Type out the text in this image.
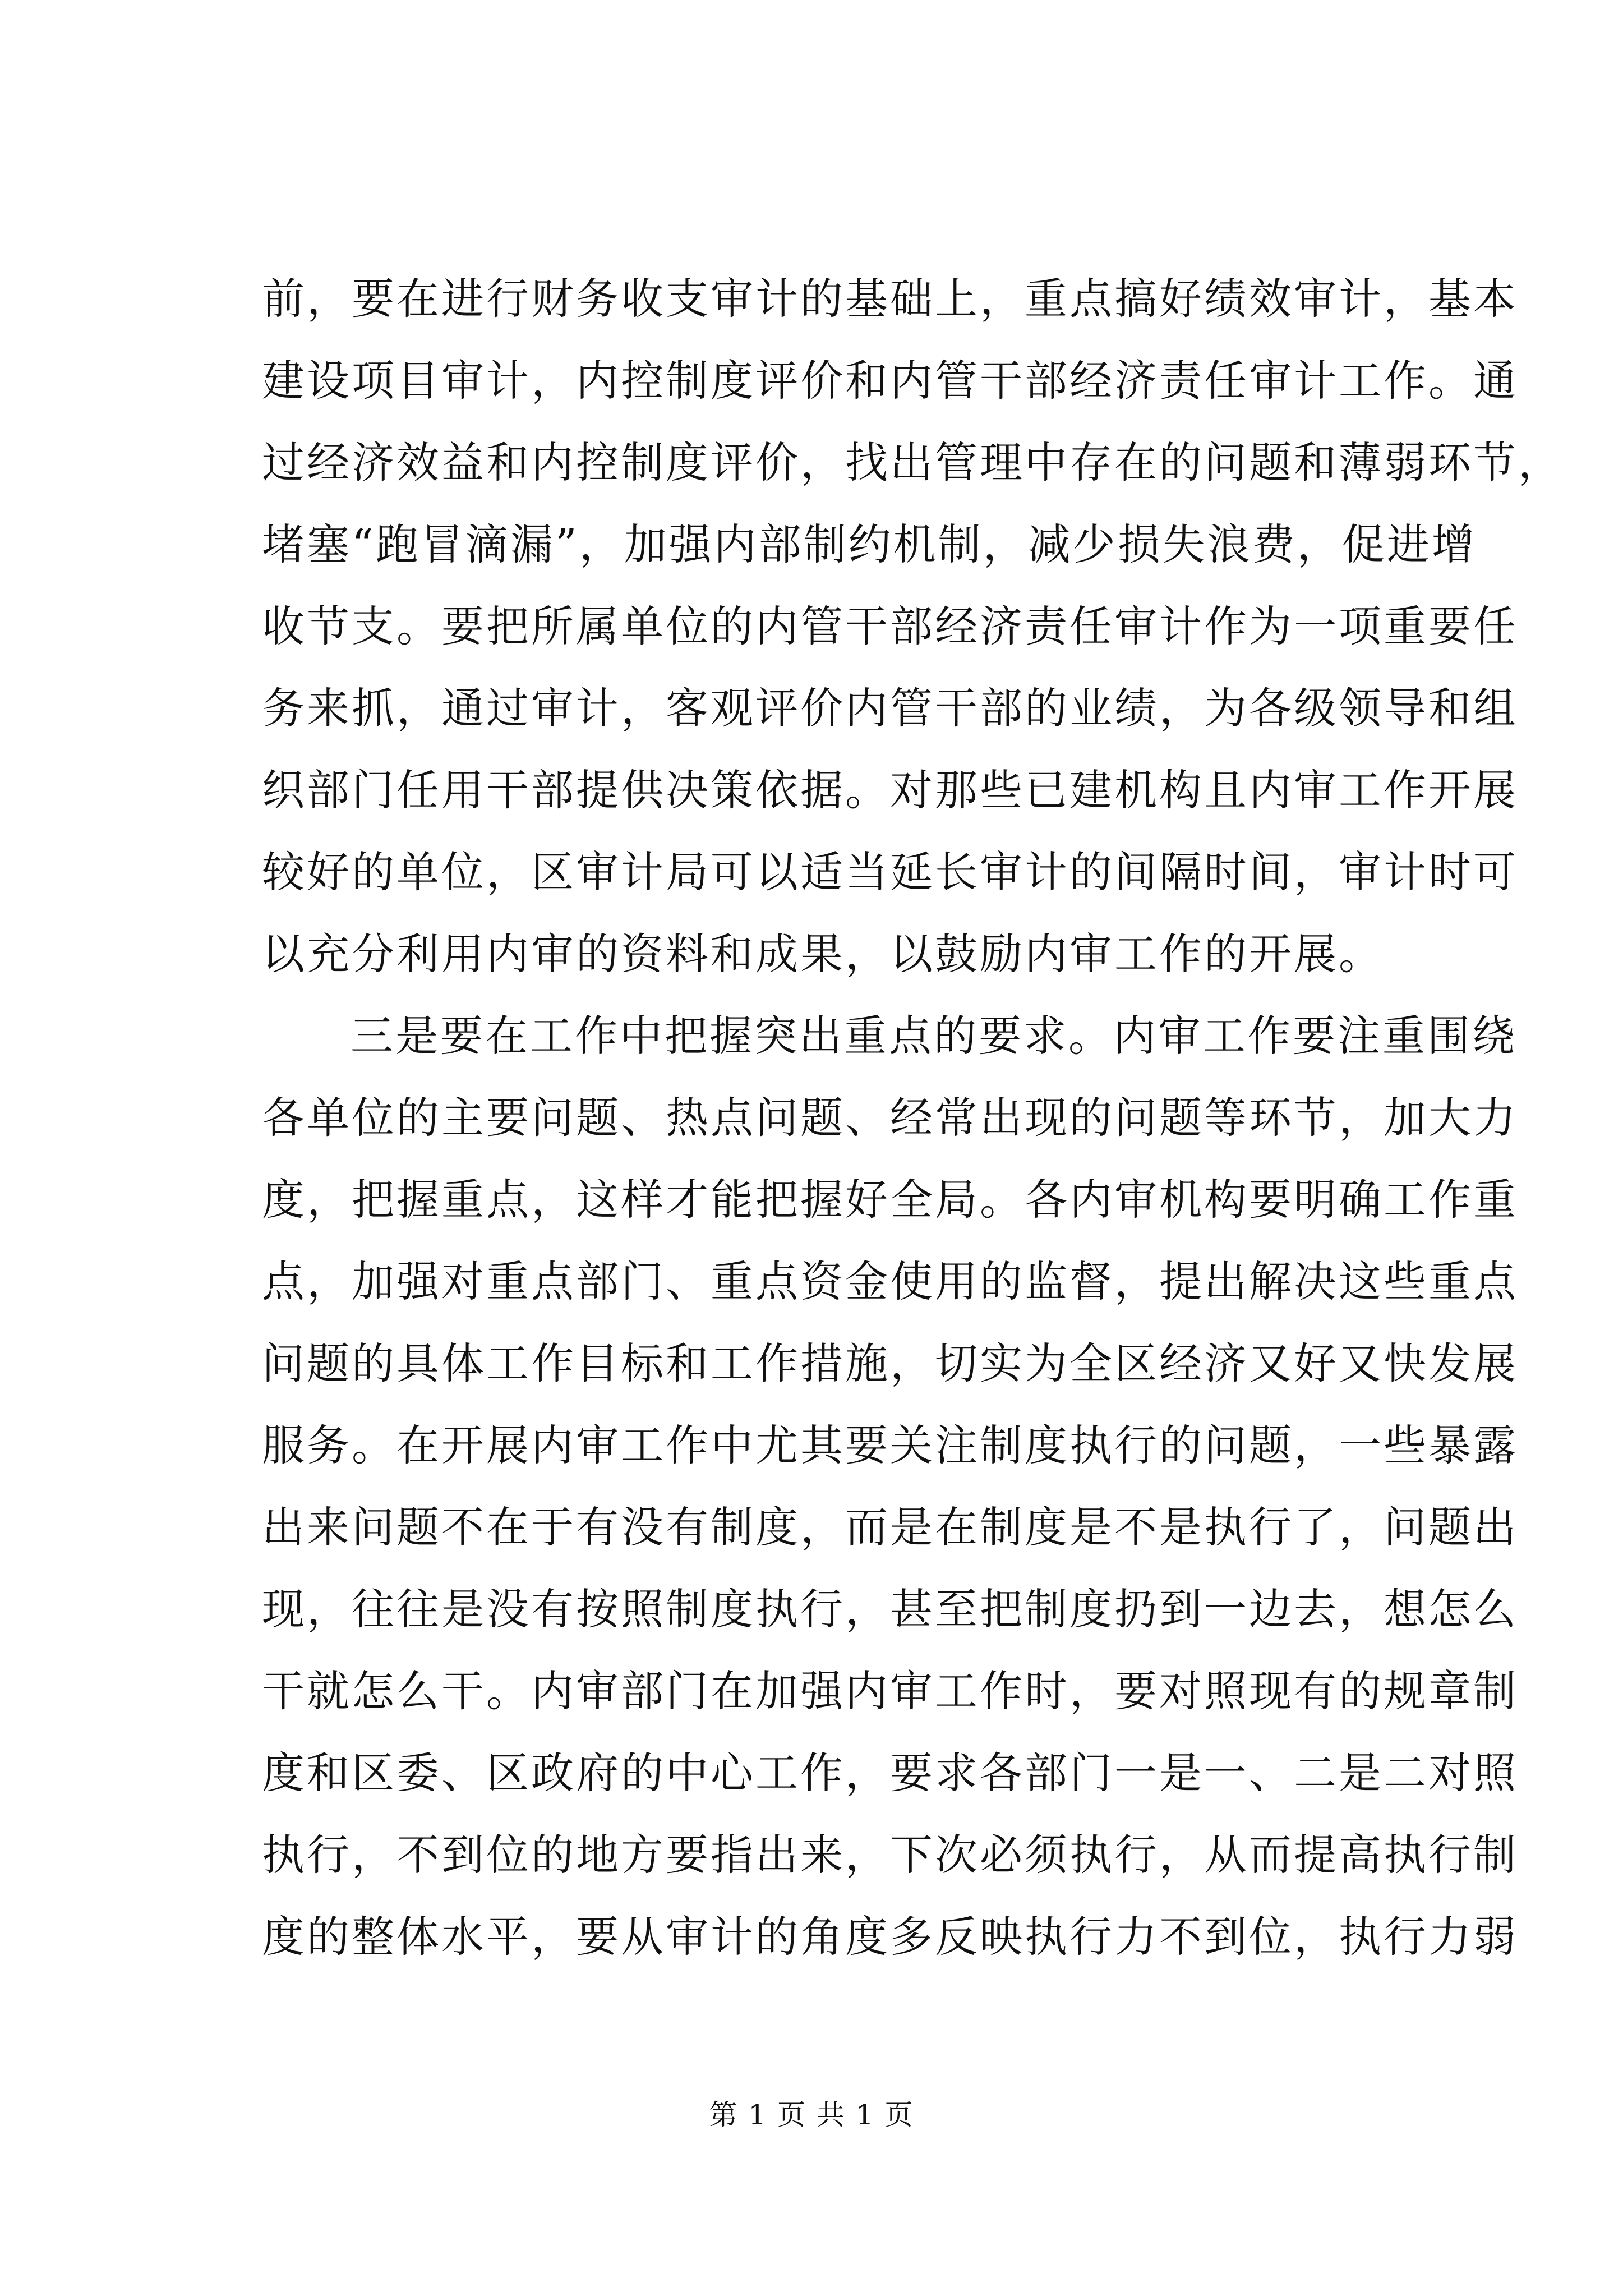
前，要在进行财务收支审计的基础上，重点搞好绩效审计，基本
建设项目审计，内控制度评价和内管干部经济责任审计工作。通
过经济效益和内控制度评价，找出管理中存在的问题和薄弱环节，
堵塞“跑冒滴漏”，加强内部制约机制，减少损失浪费，促进增
收节支。要把所属单位的内管干部经济责任审计作为一项重要任
务来抓，通过审计，客观评价内管干部的业绩，为各级领导和组
织部门任用干部提供决策依据。对那些已建机构且内审工作开展
较好的单位，区审计局可以适当延长审计的间隔时间，审计时可
以充分利用内审的资料和成果，以鼓励内审工作的开展。
三是要在工作中把握突出重点的要求。内审工作要注重围绕
各单位的主要问题、热点问题、经常出现的问题等环节，加大力
度，把握重点，这样才能把握好全局。各内审机构要明确工作重
点，加强对重点部门、重点资金使用的监督，提出解决这些重点
问题的具体工作目标和工作措施，切实为全区经济又好又快发展
服务。在开展内审工作中尤其要关注制度执行的问题，一些暴露
出来问题不在于有没有制度，而是在制度是不是执行了，问题出
现，往往是没有按照制度执行，甚至把制度扔到一边去，想怎么
干就怎么干。内审部门在加强内审工作时，要对照现有的规章制
度和区委、区政府的中心工作，要求各部门一是一、二是二对照
执行，不到位的地方要指出来，下次必须执行，从而提高执行制
度的整体水平，要从审计的角度多反映执行力不到位，执行力弱
第 1 页 共 1 页
